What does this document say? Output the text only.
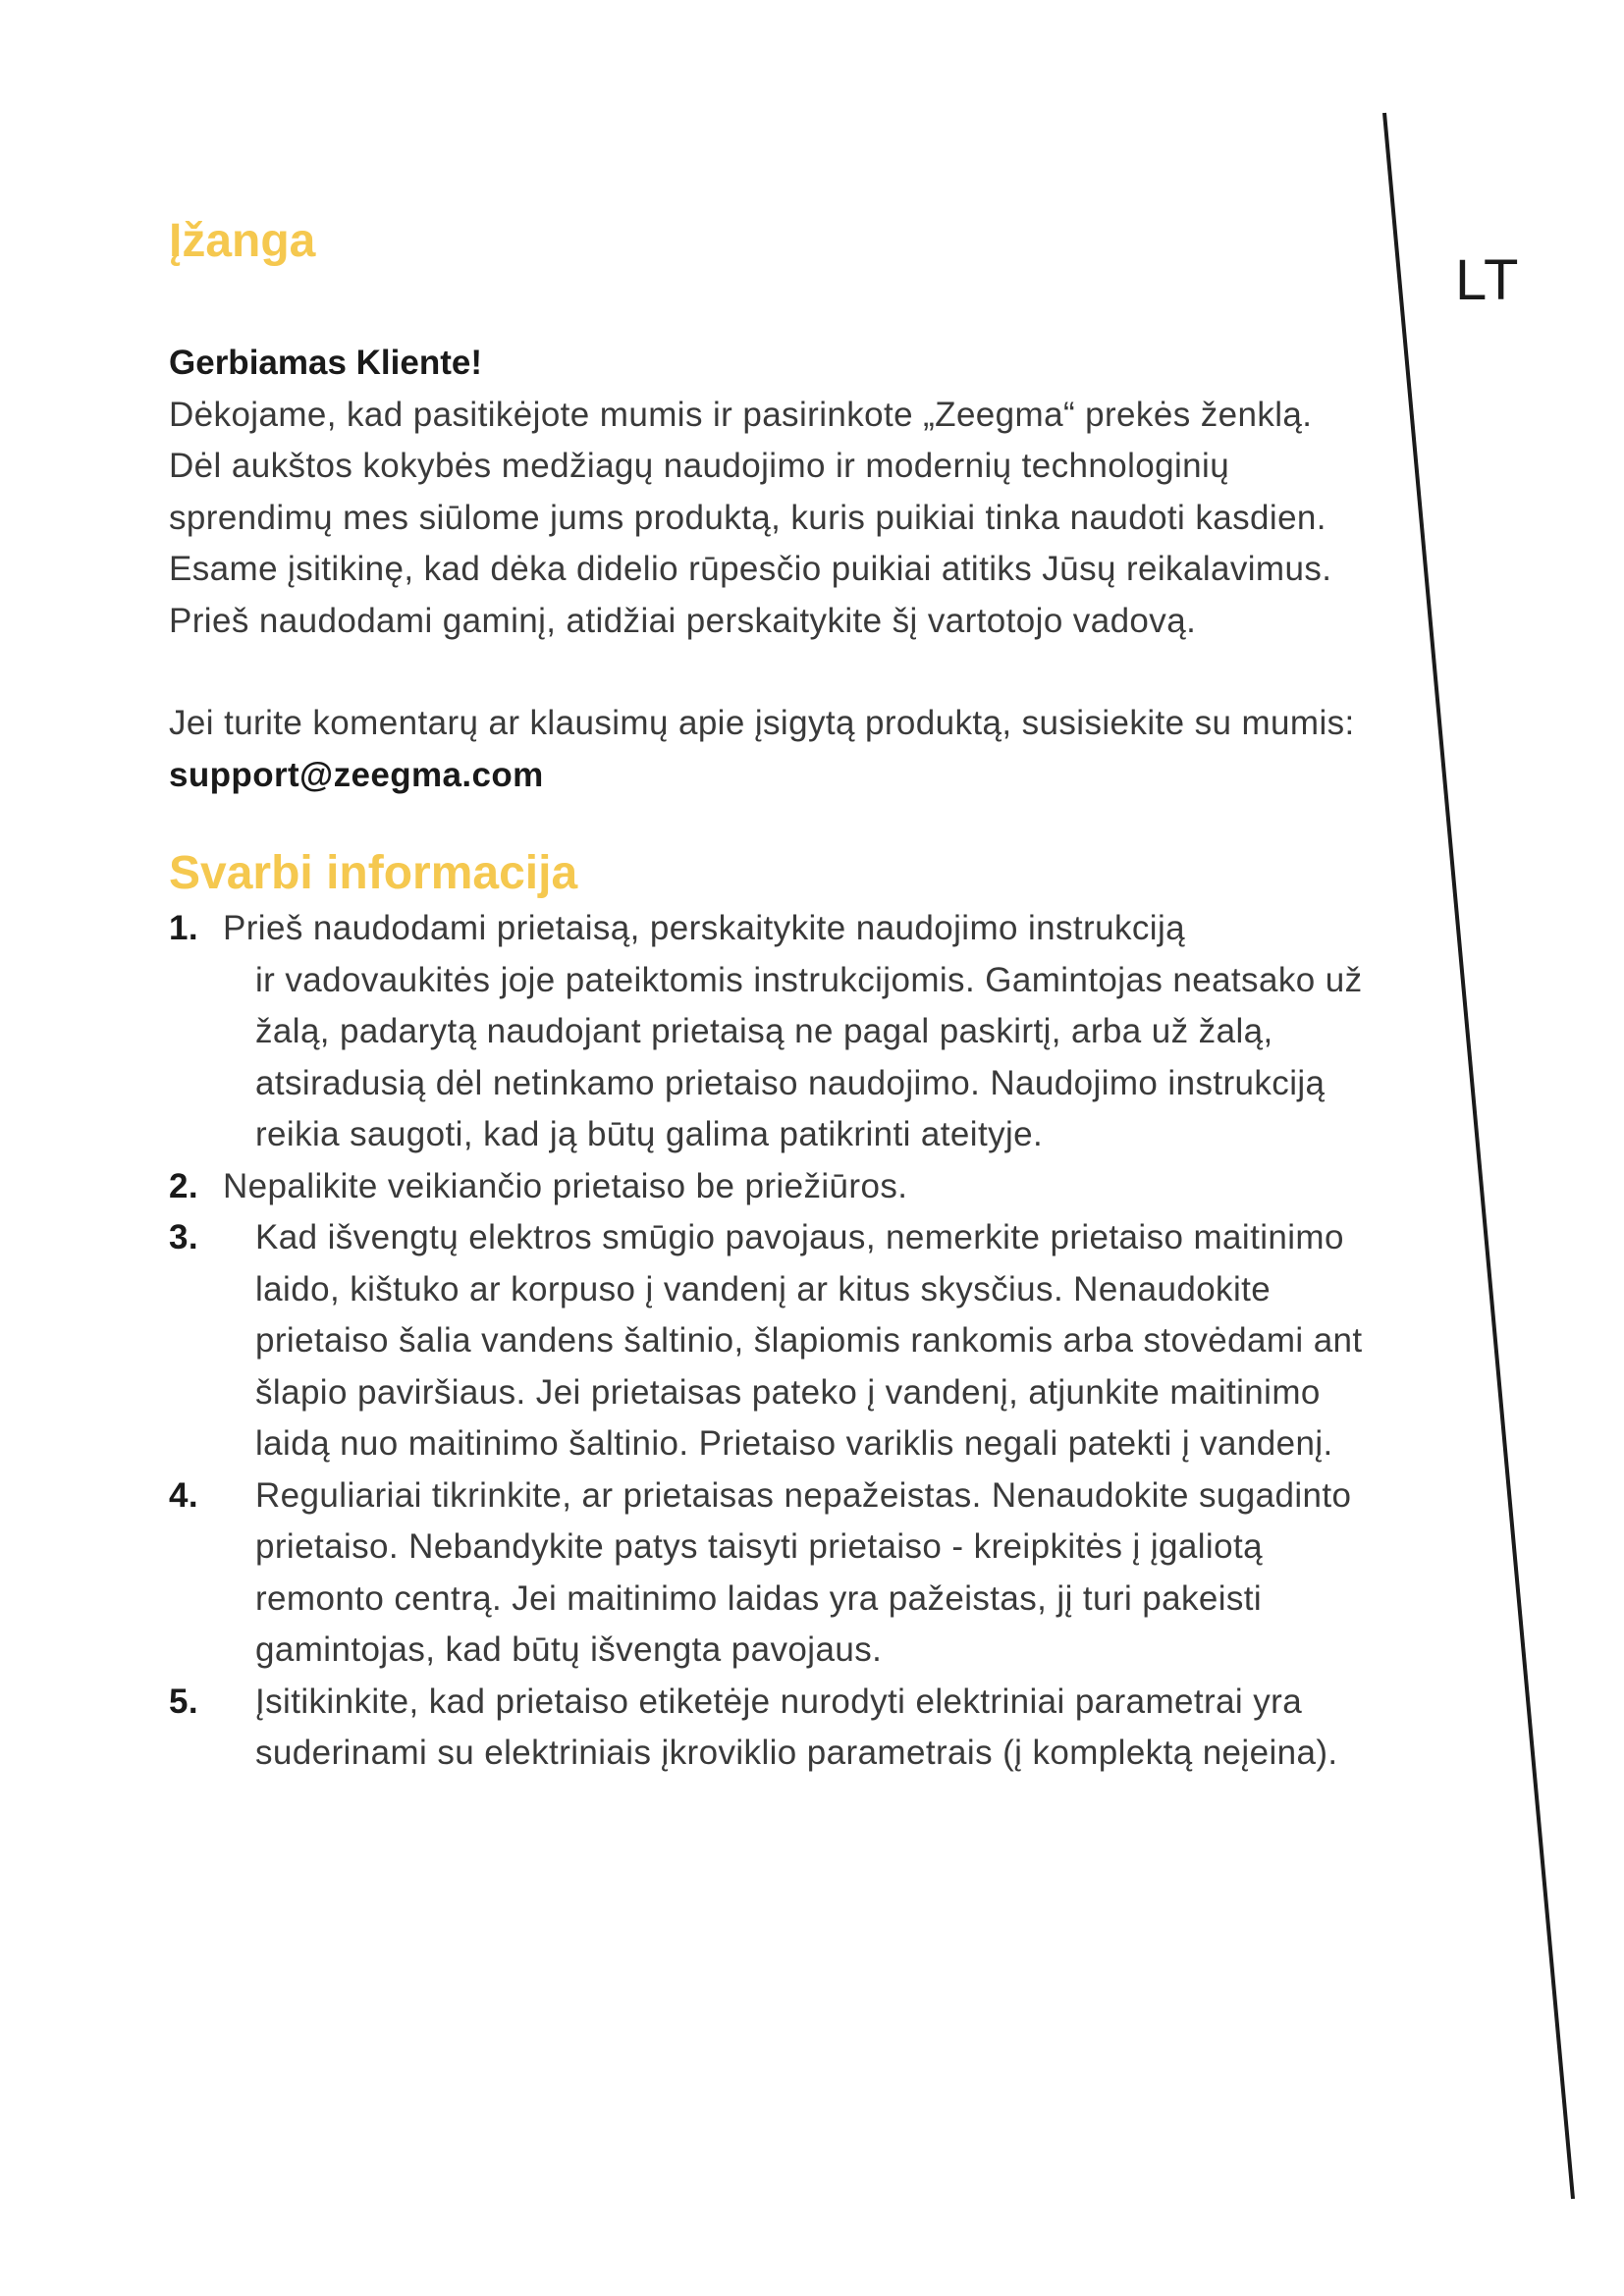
LT
Įžanga

Gerbiamas Kliente!

Dėkojame, kad pasitikėjote mumis ir pasirinkote „Zeegma“ prekės ženklą.

Dėl aukštos kokybės medžiagų naudojimo ir modernių technologinių sprendimų mes siūlome jums produktą, kuris puikiai tinka naudoti kasdien.

Esame įsitikinę, kad dėka didelio rūpesčio puikiai atitiks Jūsų reikalavimus.

Prieš naudodami gaminį, atidžiai perskaitykite šį vartotojo vadovą.

Jei turite komentarų ar klausimų apie įsigytą produktą, susisiekite su mumis: support@zeegma.com

Svarbi informacija
1. Prieš naudodami prietaisą, perskaitykite naudojimo instrukciją
ir vadovaukitės joje pateiktomis instrukcijomis. Gamintojas neatsako už žalą, padarytą naudojant prietaisą ne pagal paskirtį, arba už žalą, atsiradusią dėl netinkamo prietaiso naudojimo. Naudojimo instrukciją reikia saugoti, kad ją būtų galima patikrinti ateityje.
2. Nepalikite veikiančio prietaiso be priežiūros.
3.	Kad išvengtų elektros smūgio pavojaus, nemerkite prietaiso maitinimo laido, kištuko ar korpuso į vandenį ar kitus skysčius. Nenaudokite prietaiso šalia vandens šaltinio, šlapiomis rankomis arba stovėdami ant šlapio paviršiaus. Jei prietaisas pateko į vandenį, atjunkite maitinimo laidą nuo maitinimo šaltinio. Prietaiso variklis negali patekti į vandenį.
4.	Reguliariai tikrinkite, ar prietaisas nepažeistas. Nenaudokite sugadinto prietaiso. Nebandykite patys taisyti prietaiso - kreipkitės į įgaliotą remonto centrą. Jei maitinimo laidas yra pažeistas, jį turi pakeisti gamintojas, kad būtų išvengta pavojaus.
5.	Įsitikinkite, kad prietaiso etiketėje nurodyti elektriniai parametrai yra suderinami su elektriniais įkroviklio parametrais (į komplektą neįeina).
